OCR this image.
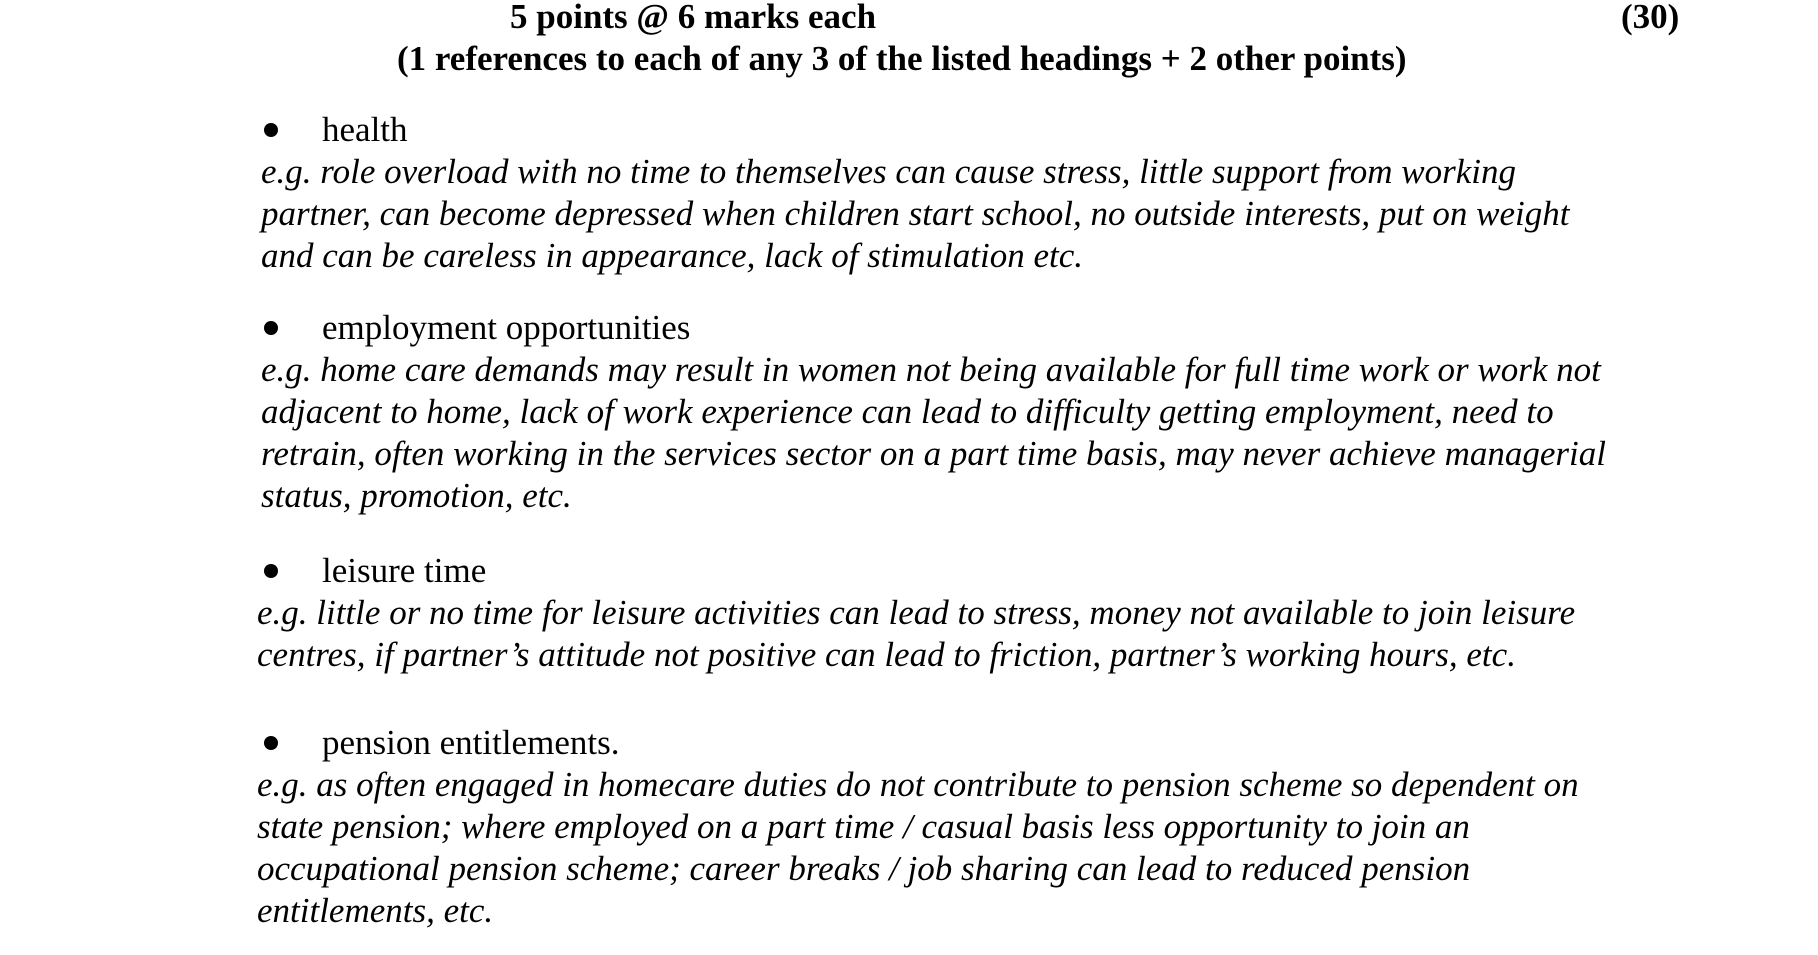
5 points @ 6 marks each	(30)
(1 references to each of any 3 of the listed headings + 2 other points)
health
e.g. role overload with no time to themselves can cause stress, little support from working
partner, can become depressed when children start school, no outside interests, put on weight
and can be careless in appearance, lack of stimulation etc.
employment opportunities
e.g. home care demands may result in women not being available for full time work or work not
adjacent to home, lack of work experience can lead to difficulty getting employment, need to
retrain, often working in the services sector on a part time basis, may never achieve managerial
status, promotion, etc.
leisure time
e.g. little or no time for leisure activities can lead to stress, money not available to join leisure
centres, if partner’s attitude not positive can lead to friction, partner’s working hours, etc.
pension entitlements.
e.g. as often engaged in homecare duties do not contribute to pension scheme so dependent on
state pension; where employed on a part time / casual basis less opportunity to join an
occupational pension scheme; career breaks / job sharing can lead to reduced pension
entitlements, etc.
